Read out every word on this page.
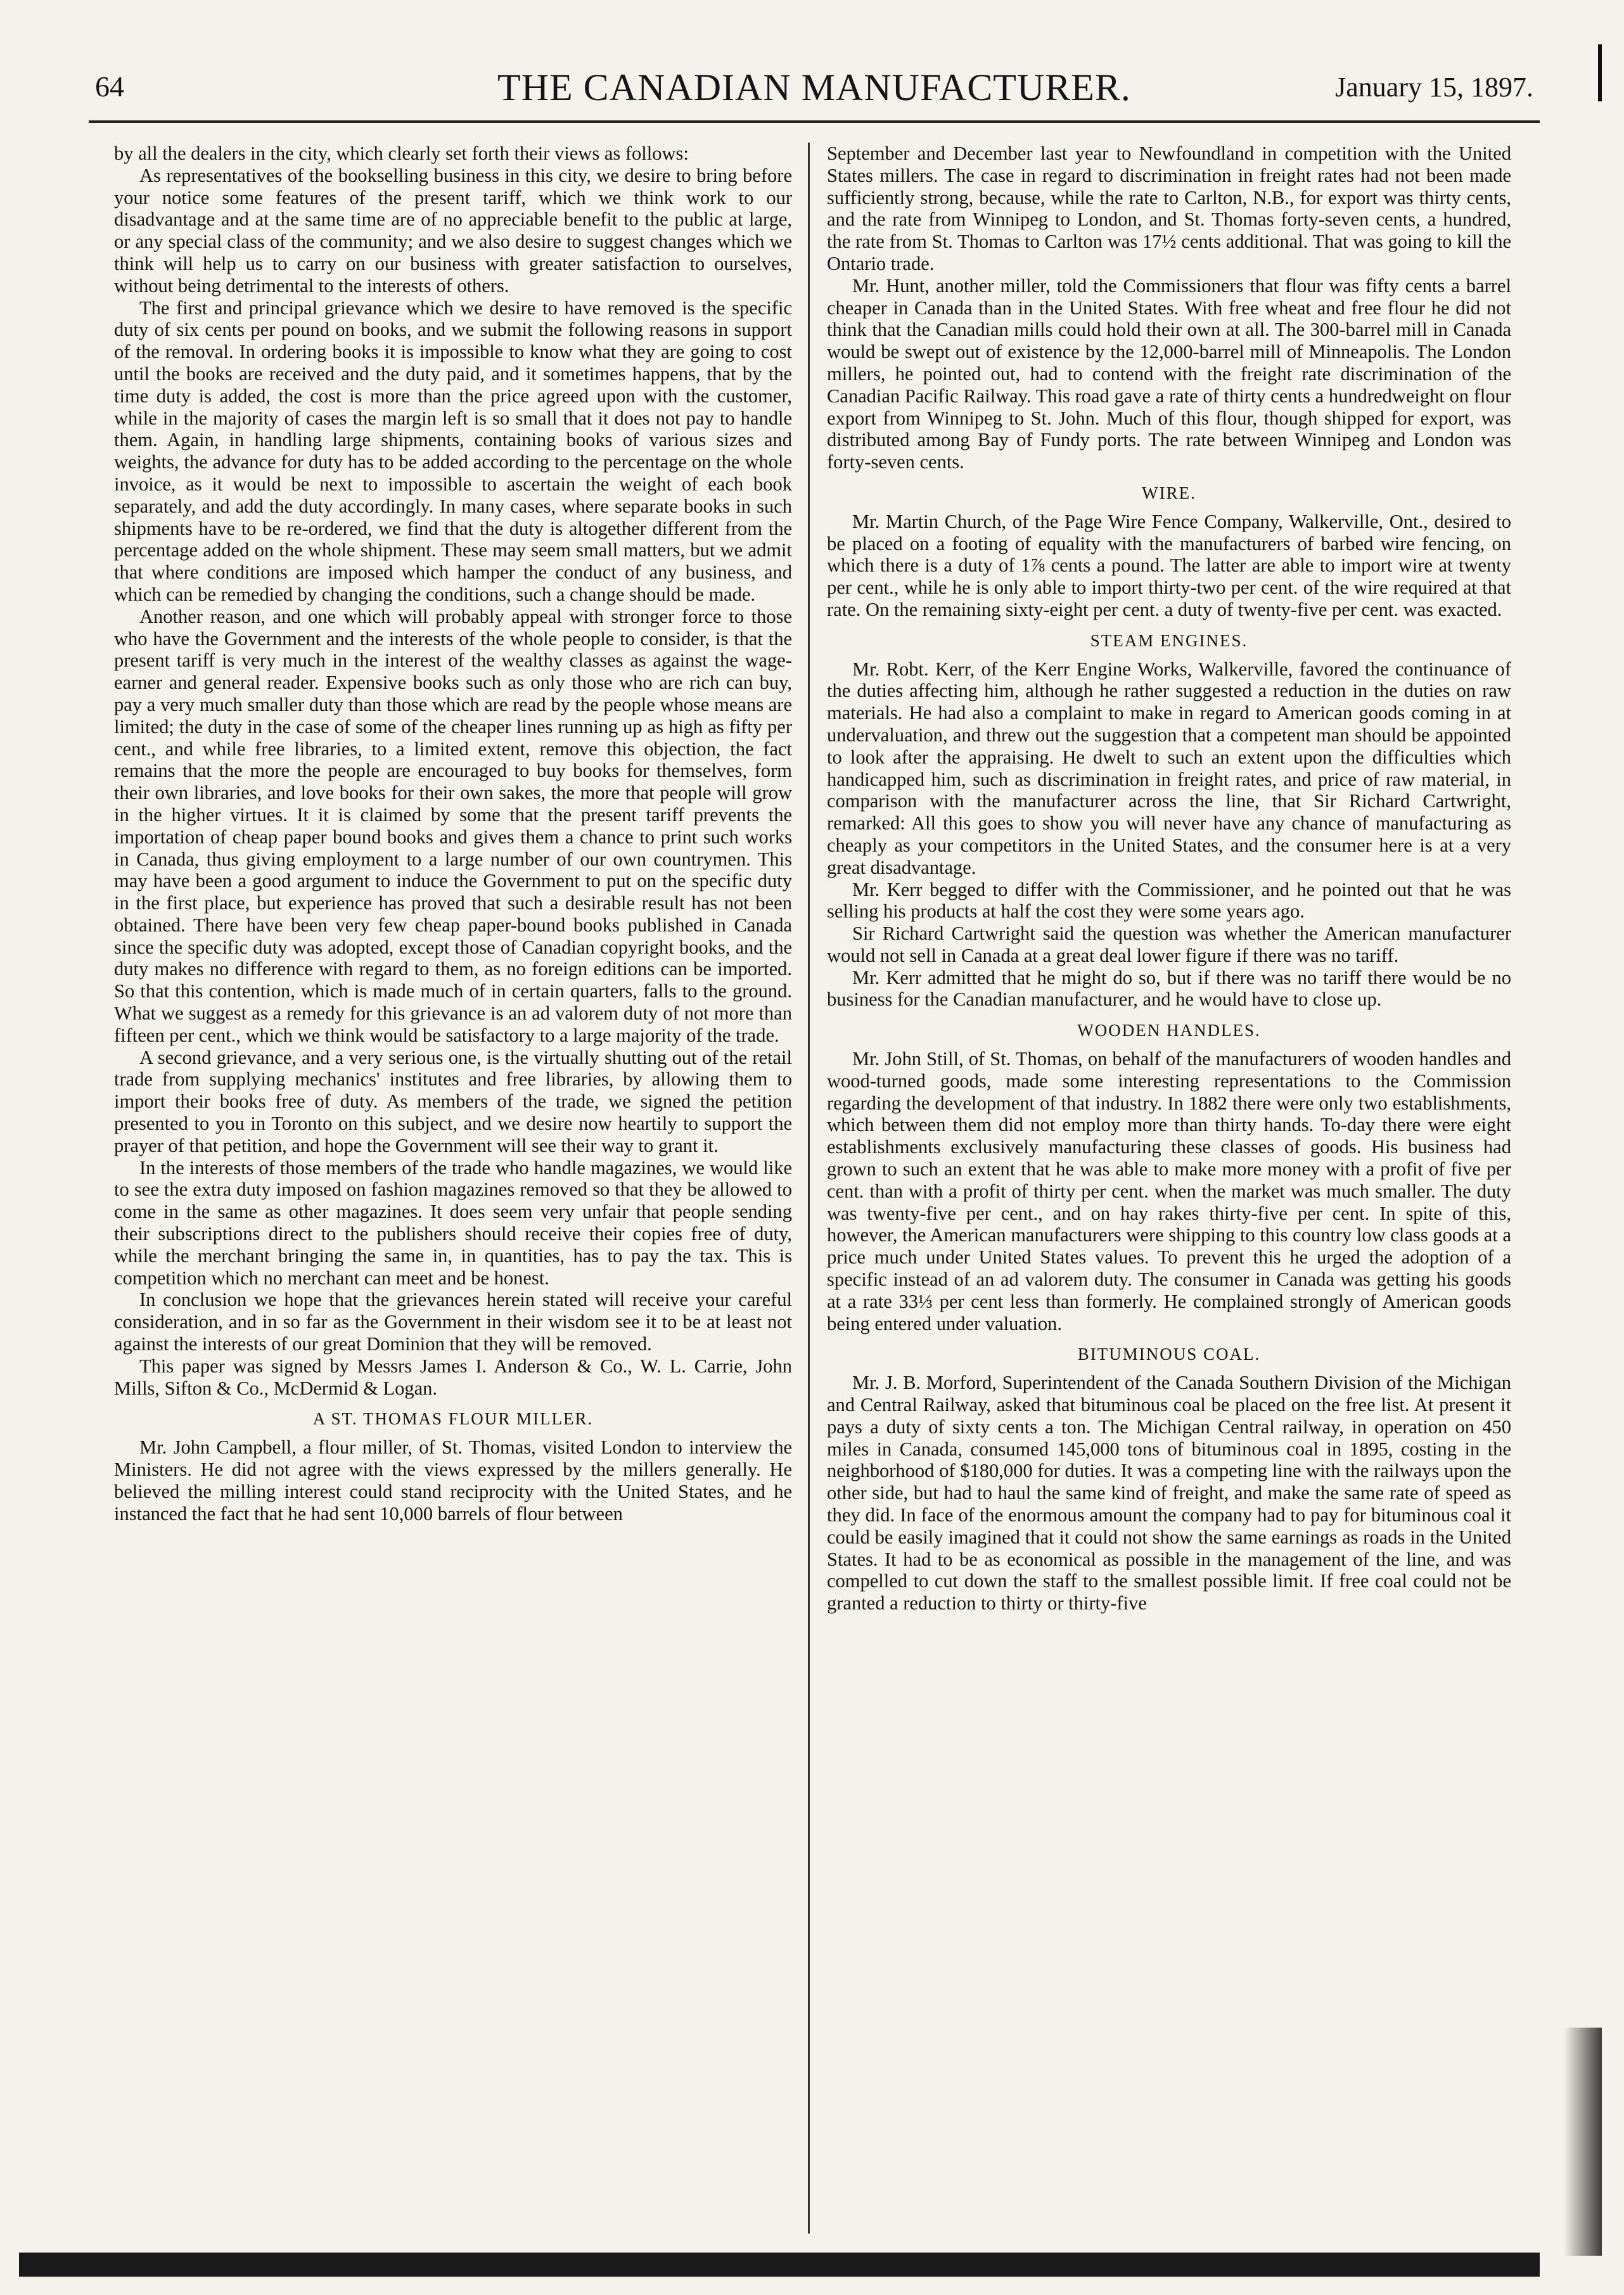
64	THE CANADIAN MANUFACTURER.	January 15, 1897.

by all the dealers in the city, which clearly set forth their views as follows:

As representatives of the bookselling business in this city, we desire to bring before your notice some features of the present tariff, which we think work to our disadvantage and at the same time are of no appreciable benefit to the public at large, or any special class of the community; and we also desire to suggest changes which we think will help us to carry on our business with greater satisfaction to ourselves, without being detrimental to the interests of others.

The first and principal grievance which we desire to have removed is the specific duty of six cents per pound on books, and we submit the following reasons in support of the removal. In ordering books it is impossible to know what they are going to cost until the books are received and the duty paid, and it sometimes happens, that by the time duty is added, the cost is more than the price agreed upon with the customer, while in the majority of cases the margin left is so small that it does not pay to handle them. Again, in handling large shipments, containing books of various sizes and weights, the advance for duty has to be added according to the percentage on the whole invoice, as it would be next to impossible to ascertain the weight of each book separately, and add the duty accordingly. In many cases, where separate books in such shipments have to be re-ordered, we find that the duty is altogether different from the percentage added on the whole shipment. These may seem small matters, but we admit that where conditions are imposed which hamper the conduct of any business, and which can be remedied by changing the conditions, such a change should be made.

Another reason, and one which will probably appeal with stronger force to those who have the Government and the interests of the whole people to consider, is that the present tariff is very much in the interest of the wealthy classes as against the wage-earner and general reader. Expensive books such as only those who are rich can buy, pay a very much smaller duty than those which are read by the people whose means are limited; the duty in the case of some of the cheaper lines running up as high as fifty per cent., and while free libraries, to a limited extent, remove this objection, the fact remains that the more the people are encouraged to buy books for themselves, form their own libraries, and love books for their own sakes, the more that people will grow in the higher virtues. It it is claimed by some that the present tariff prevents the importation of cheap paper bound books and gives them a chance to print such works in Canada, thus giving employment to a large number of our own countrymen. This may have been a good argument to induce the Government to put on the specific duty in the first place, but experience has proved that such a desirable result has not been obtained. There have been very few cheap paper-bound books published in Canada since the specific duty was adopted, except those of Canadian copyright books, and the duty makes no difference with regard to them, as no foreign editions can be imported. So that this contention, which is made much of in certain quarters, falls to the ground. What we suggest as a remedy for this grievance is an ad valorem duty of not more than fifteen per cent., which we think would be satisfactory to a large majority of the trade.

A second grievance, and a very serious one, is the virtually shutting out of the retail trade from supplying mechanics' institutes and free libraries, by allowing them to import their books free of duty. As members of the trade, we signed the petition presented to you in Toronto on this subject, and we desire now heartily to support the prayer of that petition, and hope the Government will see their way to grant it.

In the interests of those members of the trade who handle magazines, we would like to see the extra duty imposed on fashion magazines removed so that they be allowed to come in the same as other magazines. It does seem very unfair that people sending their subscriptions direct to the publishers should receive their copies free of duty, while the merchant bringing the same in, in quantities, has to pay the tax. This is competition which no merchant can meet and be honest.

In conclusion we hope that the grievances herein stated will receive your careful consideration, and in so far as the Government in their wisdom see it to be at least not against the interests of our great Dominion that they will be removed.

This paper was signed by Messrs James I. Anderson & Co., W. L. Carrie, John Mills, Sifton & Co., McDermid & Logan.

A ST. THOMAS FLOUR MILLER.

Mr. John Campbell, a flour miller, of St. Thomas, visited London to interview the Ministers. He did not agree with the views expressed by the millers generally. He believed the milling interest could stand reciprocity with the United States, and he instanced the fact that he had sent 10,000 barrels of flour between

September and December last year to Newfoundland in competition with the United States millers. The case in regard to discrimination in freight rates had not been made sufficiently strong, because, while the rate to Carlton, N.B., for export was thirty cents, and the rate from Winnipeg to London, and St. Thomas forty-seven cents, a hundred, the rate from St. Thomas to Carlton was 17½ cents additional. That was going to kill the Ontario trade.

Mr. Hunt, another miller, told the Commissioners that flour was fifty cents a barrel cheaper in Canada than in the United States. With free wheat and free flour he did not think that the Canadian mills could hold their own at all. The 300-barrel mill in Canada would be swept out of existence by the 12,000-barrel mill of Minneapolis. The London millers, he pointed out, had to contend with the freight rate discrimination of the Canadian Pacific Railway. This road gave a rate of thirty cents a hundredweight on flour export from Winnipeg to St. John. Much of this flour, though shipped for export, was distributed among Bay of Fundy ports. The rate between Winnipeg and London was forty-seven cents.

WIRE.

Mr. Martin Church, of the Page Wire Fence Company, Walkerville, Ont., desired to be placed on a footing of equality with the manufacturers of barbed wire fencing, on which there is a duty of 1⅞ cents a pound. The latter are able to import wire at twenty per cent., while he is only able to import thirty-two per cent. of the wire required at that rate. On the remaining sixty-eight per cent. a duty of twenty-five per cent. was exacted.

STEAM ENGINES.

Mr. Robt. Kerr, of the Kerr Engine Works, Walkerville, favored the continuance of the duties affecting him, although he rather suggested a reduction in the duties on raw materials. He had also a complaint to make in regard to American goods coming in at undervaluation, and threw out the suggestion that a competent man should be appointed to look after the appraising. He dwelt to such an extent upon the difficulties which handicapped him, such as discrimination in freight rates, and price of raw material, in comparison with the manufacturer across the line, that Sir Richard Cartwright, remarked: All this goes to show you will never have any chance of manufacturing as cheaply as your competitors in the United States, and the consumer here is at a very great disadvantage.

Mr. Kerr begged to differ with the Commissioner, and he pointed out that he was selling his products at half the cost they were some years ago.

Sir Richard Cartwright said the question was whether the American manufacturer would not sell in Canada at a great deal lower figure if there was no tariff.

Mr. Kerr admitted that he might do so, but if there was no tariff there would be no business for the Canadian manufacturer, and he would have to close up.

WOODEN HANDLES.

Mr. John Still, of St. Thomas, on behalf of the manufacturers of wooden handles and wood-turned goods, made some interesting representations to the Commission regarding the development of that industry. In 1882 there were only two establishments, which between them did not employ more than thirty hands. To-day there were eight establishments exclusively manufacturing these classes of goods. His business had grown to such an extent that he was able to make more money with a profit of five per cent. than with a profit of thirty per cent. when the market was much smaller. The duty was twenty-five per cent., and on hay rakes thirty-five per cent. In spite of this, however, the American manufacturers were shipping to this country low class goods at a price much under United States values. To prevent this he urged the adoption of a specific instead of an ad valorem duty. The consumer in Canada was getting his goods at a rate 33⅓ per cent less than formerly. He complained strongly of American goods being entered under valuation.

BITUMINOUS COAL.

Mr. J. B. Morford, Superintendent of the Canada Southern Division of the Michigan and Central Railway, asked that bituminous coal be placed on the free list. At present it pays a duty of sixty cents a ton. The Michigan Central railway, in operation on 450 miles in Canada, consumed 145,000 tons of bituminous coal in 1895, costing in the neighborhood of $180,000 for duties. It was a competing line with the railways upon the other side, but had to haul the same kind of freight, and make the same rate of speed as they did. In face of the enormous amount the company had to pay for bituminous coal it could be easily imagined that it could not show the same earnings as roads in the United States. It had to be as economical as possible in the management of the line, and was compelled to cut down the staff to the smallest possible limit. If free coal could not be granted a reduction to thirty or thirty-five
